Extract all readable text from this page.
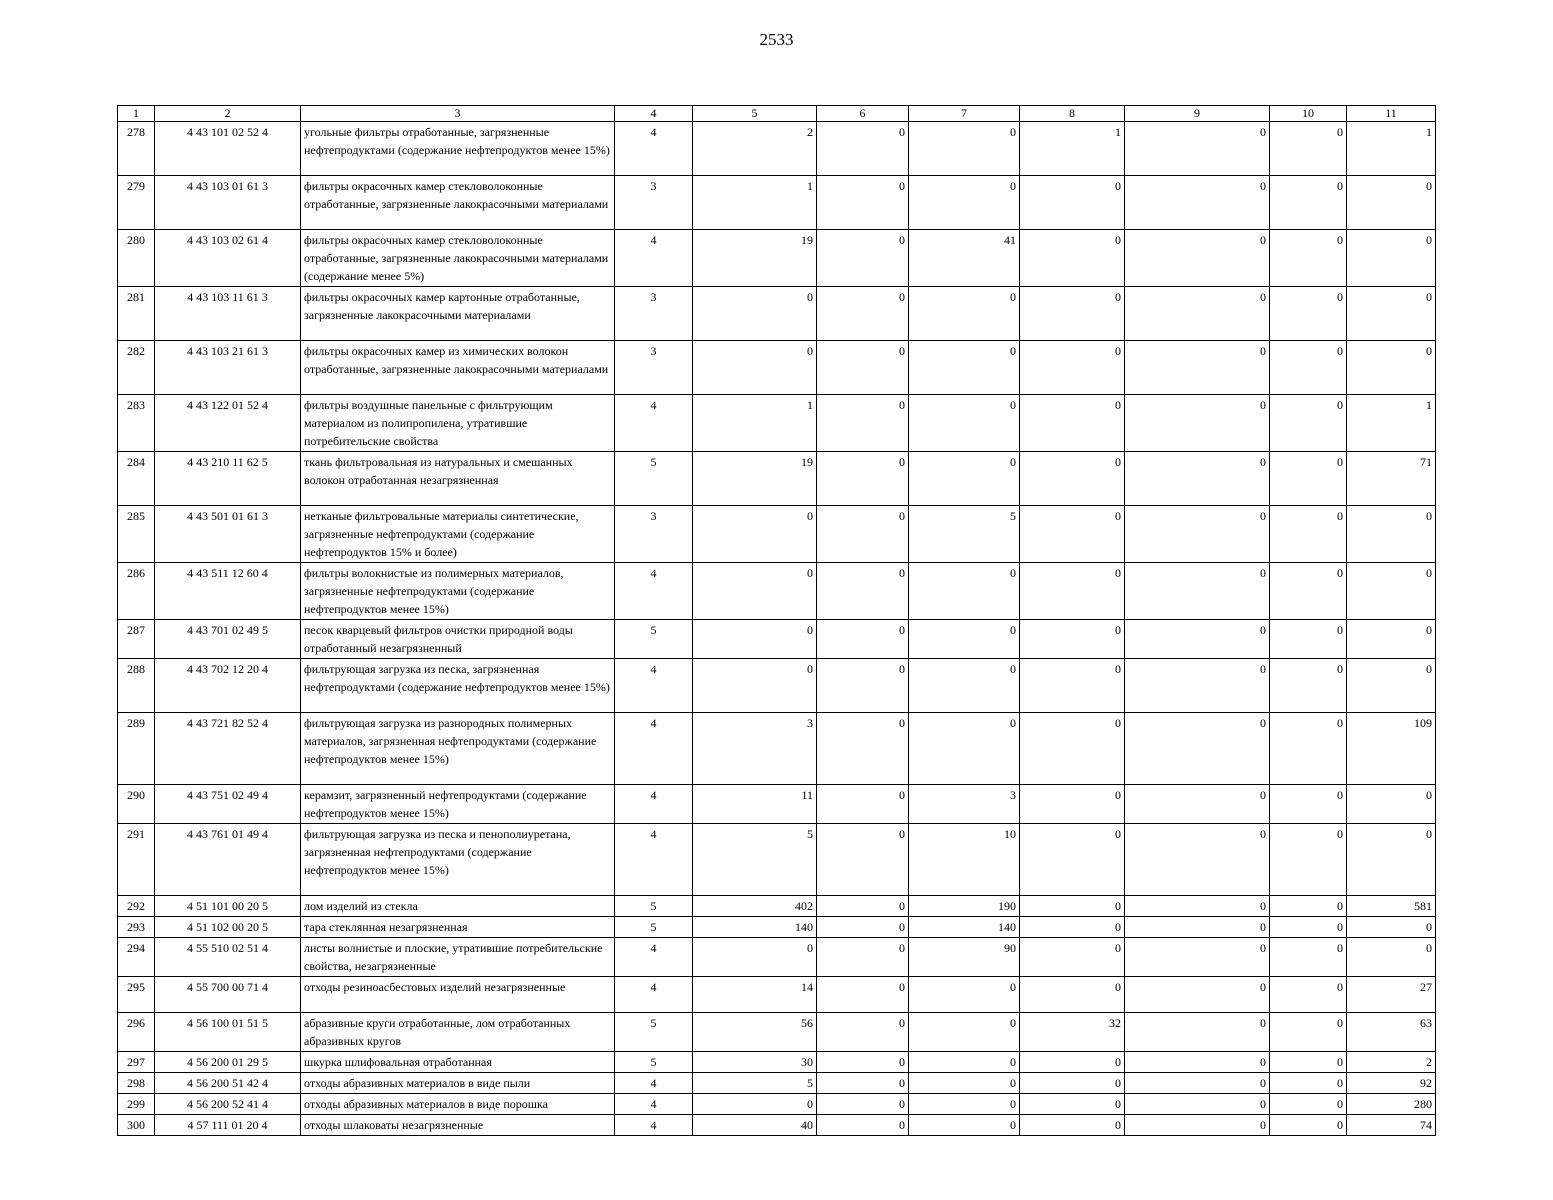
2533
1	2	3	4	5	6	7	8	9	10	11
278	4 43 101 02 52 4	угольные фильтры отработанные, загрязненные нефтепродуктами (содержание нефтепродуктов менее 15%)	4	2	0	0	1	0	0	1
279	4 43 103 01 61 3	фильтры окрасочных камер стекловолоконные отработанные, загрязненные лакокрасочными материалами	3	1	0	0	0	0	0	0
280	4 43 103 02 61 4	фильтры окрасочных камер стекловолоконные отработанные, загрязненные лакокрасочными материалами (содержание менее 5%)	4	19	0	41	0	0	0	0
281	4 43 103 11 61 3	фильтры окрасочных камер картонные отработанные, загрязненные лакокрасочными материалами	3	0	0	0	0	0	0	0
282	4 43 103 21 61 3	фильтры окрасочных камер из химических волокон отработанные, загрязненные лакокрасочными материалами	3	0	0	0	0	0	0	0
283	4 43 122 01 52 4	фильтры воздушные панельные с фильтрующим материалом из полипропилена, утратившие потребительские свойства	4	1	0	0	0	0	0	1
284	4 43 210 11 62 5	ткань фильтровальная из натуральных и смешанных волокон отработанная незагрязненная	5	19	0	0	0	0	0	71
285	4 43 501 01 61 3	нетканые фильтровальные материалы синтетические, загрязненные нефтепродуктами (содержание нефтепродуктов 15% и более)	3	0	0	5	0	0	0	0
286	4 43 511 12 60 4	фильтры волокнистые из полимерных материалов, загрязненные нефтепродуктами (содержание нефтепродуктов менее 15%)	4	0	0	0	0	0	0	0
287	4 43 701 02 49 5	песок кварцевый фильтров очистки природной воды отработанный незагрязненный	5	0	0	0	0	0	0	0
288	4 43 702 12 20 4	фильтрующая загрузка из песка, загрязненная нефтепродуктами (содержание нефтепродуктов менее 15%)	4	0	0	0	0	0	0	0
289	4 43 721 82 52 4	фильтрующая загрузка из разнородных полимерных материалов, загрязненная нефтепродуктами (содержание нефтепродуктов менее 15%)	4	3	0	0	0	0	0	109
290	4 43 751 02 49 4	керамзит, загрязненный нефтепродуктами (содержание нефтепродуктов менее 15%)	4	11	0	3	0	0	0	0
291	4 43 761 01 49 4	фильтрующая загрузка из песка и пенополиуретана, загрязненная нефтепродуктами (содержание нефтепродуктов менее 15%)	4	5	0	10	0	0	0	0
292	4 51 101 00 20 5	лом изделий из стекла	5	402	0	190	0	0	0	581
293	4 51 102 00 20 5	тара стеклянная незагрязненная	5	140	0	140	0	0	0	0
294	4 55 510 02 51 4	листы волнистые и плоские, утратившие потребительские свойства, незагрязненные	4	0	0	90	0	0	0	0
295	4 55 700 00 71 4	отходы резиноасбестовых изделий незагрязненные	4	14	0	0	0	0	0	27
296	4 56 100 01 51 5	абразивные круги отработанные, лом отработанных абразивных кругов	5	56	0	0	32	0	0	63
297	4 56 200 01 29 5	шкурка шлифовальная отработанная	5	30	0	0	0	0	0	2
298	4 56 200 51 42 4	отходы абразивных материалов в виде пыли	4	5	0	0	0	0	0	92
299	4 56 200 52 41 4	отходы абразивных материалов в виде порошка	4	0	0	0	0	0	0	280
300	4 57 111 01 20 4	отходы шлаковаты незагрязненные	4	40	0	0	0	0	0	74
